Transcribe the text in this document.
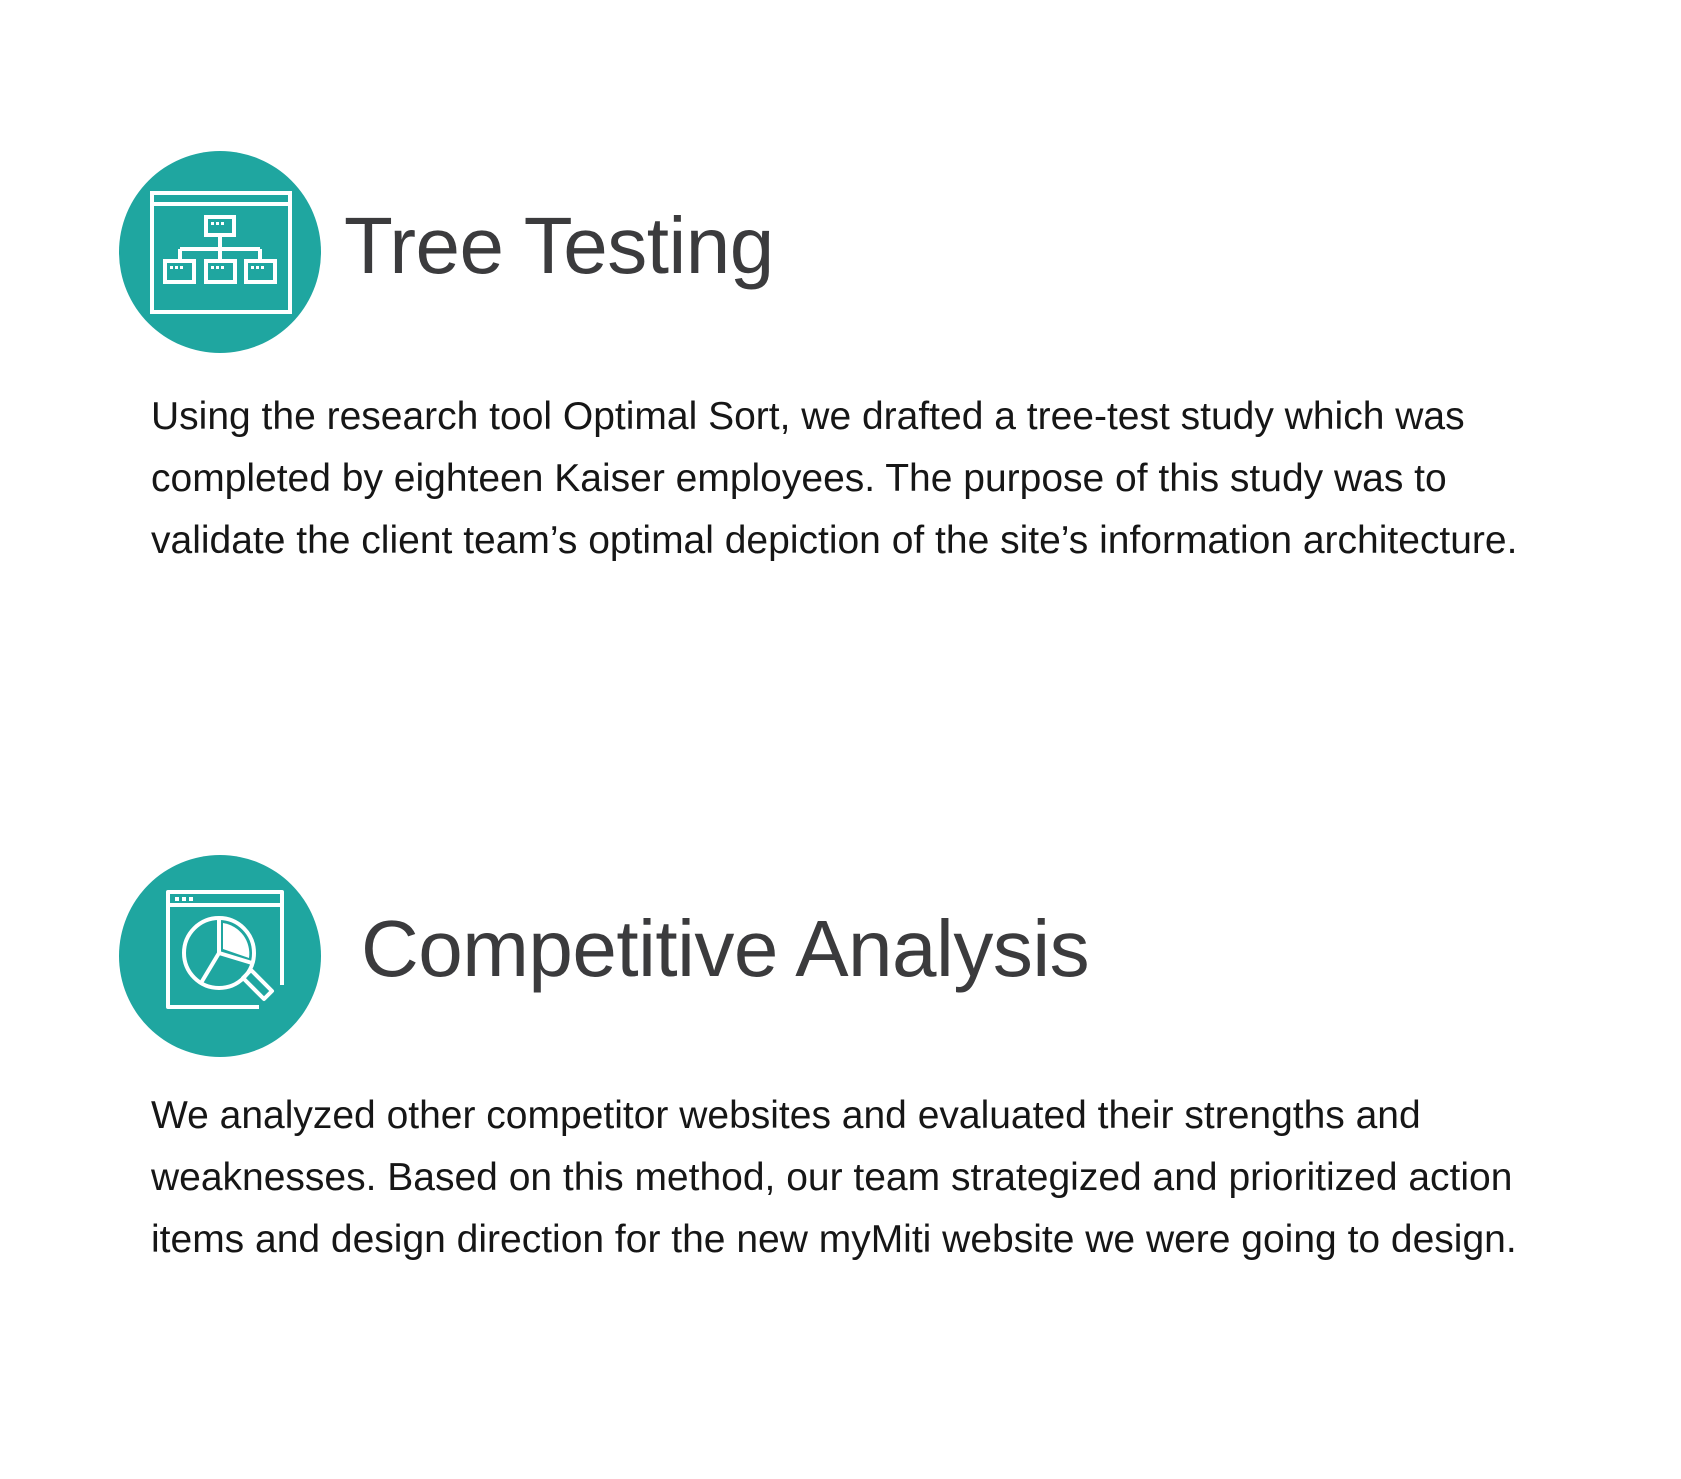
Tree Testing

Using the research tool Optimal Sort, we drafted a tree-test study which was completed by eighteen Kaiser employees. The purpose of this study was to validate the client team’s optimal depiction of the site’s information architecture.

Competitive Analysis

We analyzed other competitor websites and evaluated their strengths and weaknesses. Based on this method, our team strategized and prioritized action items and design direction for the new myMiti website we were going to design.
